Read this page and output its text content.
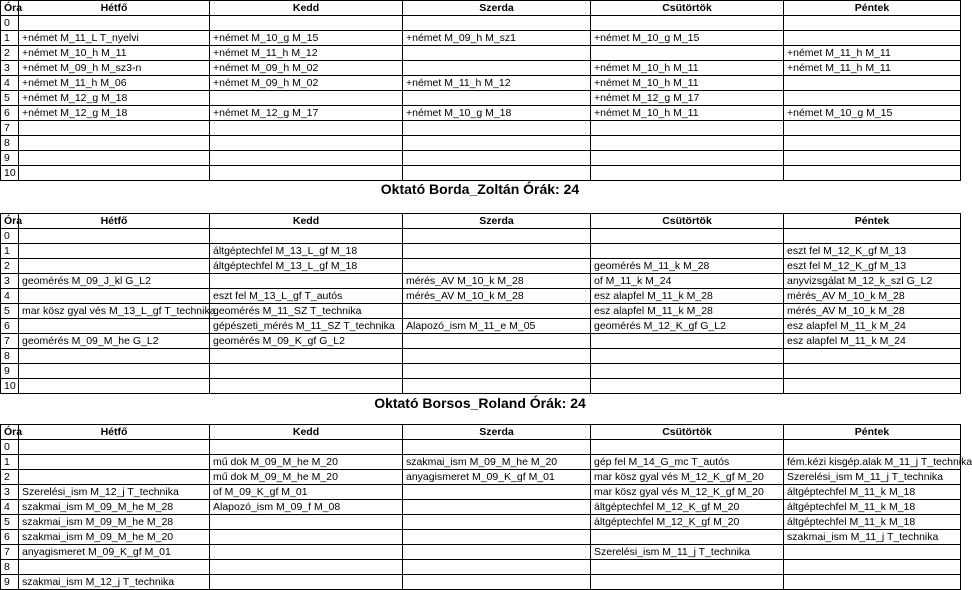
Óra	Hétfő	Kedd	Szerda	Csütörtök	Péntek
0					
1	+német M_11_L T_nyelvi	+német M_10_g M_15	+német M_09_h M_sz1	+német M_10_g M_15	
2	+német M_10_h M_11	+német M_11_h M_12			+német M_11_h M_11
3	+német M_09_h M_sz3-n	+német M_09_h M_02		+német M_10_h M_11	+német M_11_h M_11
4	+német M_11_h M_06	+német M_09_h M_02	+német M_11_h M_12	+német M_10_h M_11	
5	+német M_12_g M_18			+német M_12_g M_17	
6	+német M_12_g M_18	+német M_12_g M_17	+német M_10_g M_18	+német M_10_h M_11	+német M_10_g M_15
7					
8					
9					
10					
Oktató Borda_Zoltán Órák: 24
Óra	Hétfő	Kedd	Szerda	Csütörtök	Péntek
0					
1		áltgéptechfel M_13_L_gf M_18			eszt fel M_12_K_gf M_13
2		áltgéptechfel M_13_L_gf M_18		geomérés M_11_k M_28	eszt fel M_12_K_gf M_13
3	geomérés M_09_J_kl G_L2		mérés_AV M_10_k M_28	of M_11_k M_24	anyvizsgálat M_12_k_szl G_L2
4		eszt fel M_13_L_gf T_autós	mérés_AV M_10_k M_28	esz alapfel M_11_k M_28	mérés_AV M_10_k M_28
5	mar kösz gyal vés M_13_L_gf T_technika	geomérés M_11_SZ T_technika		esz alapfel M_11_k M_28	mérés_AV M_10_k M_28
6		gépészeti_mérés M_11_SZ T_technika	Alapozó_ism M_11_e M_05	geomérés M_12_K_gf G_L2	esz alapfel M_11_k M_24
7	geomérés M_09_M_he G_L2	geomérés M_09_K_gf G_L2			esz alapfel M_11_k M_24
8					
9					
10					
Oktató Borsos_Roland Órák: 24
Óra	Hétfő	Kedd	Szerda	Csütörtök	Péntek
0					
1		mű dok M_09_M_he M_20	szakmai_ism M_09_M_he M_20	gép fel M_14_G_mc T_autós	fém.kézi kisgép.alak M_11_j T_technika
2		mű dok M_09_M_he M_20	anyagismeret M_09_K_gf M_01	mar kösz gyal vés M_12_K_gf M_20	Szerelési_ism M_11_j T_technika
3	Szerelési_ism M_12_j T_technika	of M_09_K_gf M_01		mar kösz gyal vés M_12_K_gf M_20	áltgéptechfel M_11_k M_18
4	szakmai_ism M_09_M_he M_28	Alapozó_ism M_09_f M_08		áltgéptechfel M_12_K_gf M_20	áltgéptechfel M_11_k M_18
5	szakmai_ism M_09_M_he M_28			áltgéptechfel M_12_K_gf M_20	áltgéptechfel M_11_k M_18
6	szakmai_ism M_09_M_he M_20				szakmai_ism M_11_j T_technika
7	anyagismeret M_09_K_gf M_01			Szerelési_ism M_11_j T_technika	
8					
9	szakmai_ism M_12_j T_technika				
